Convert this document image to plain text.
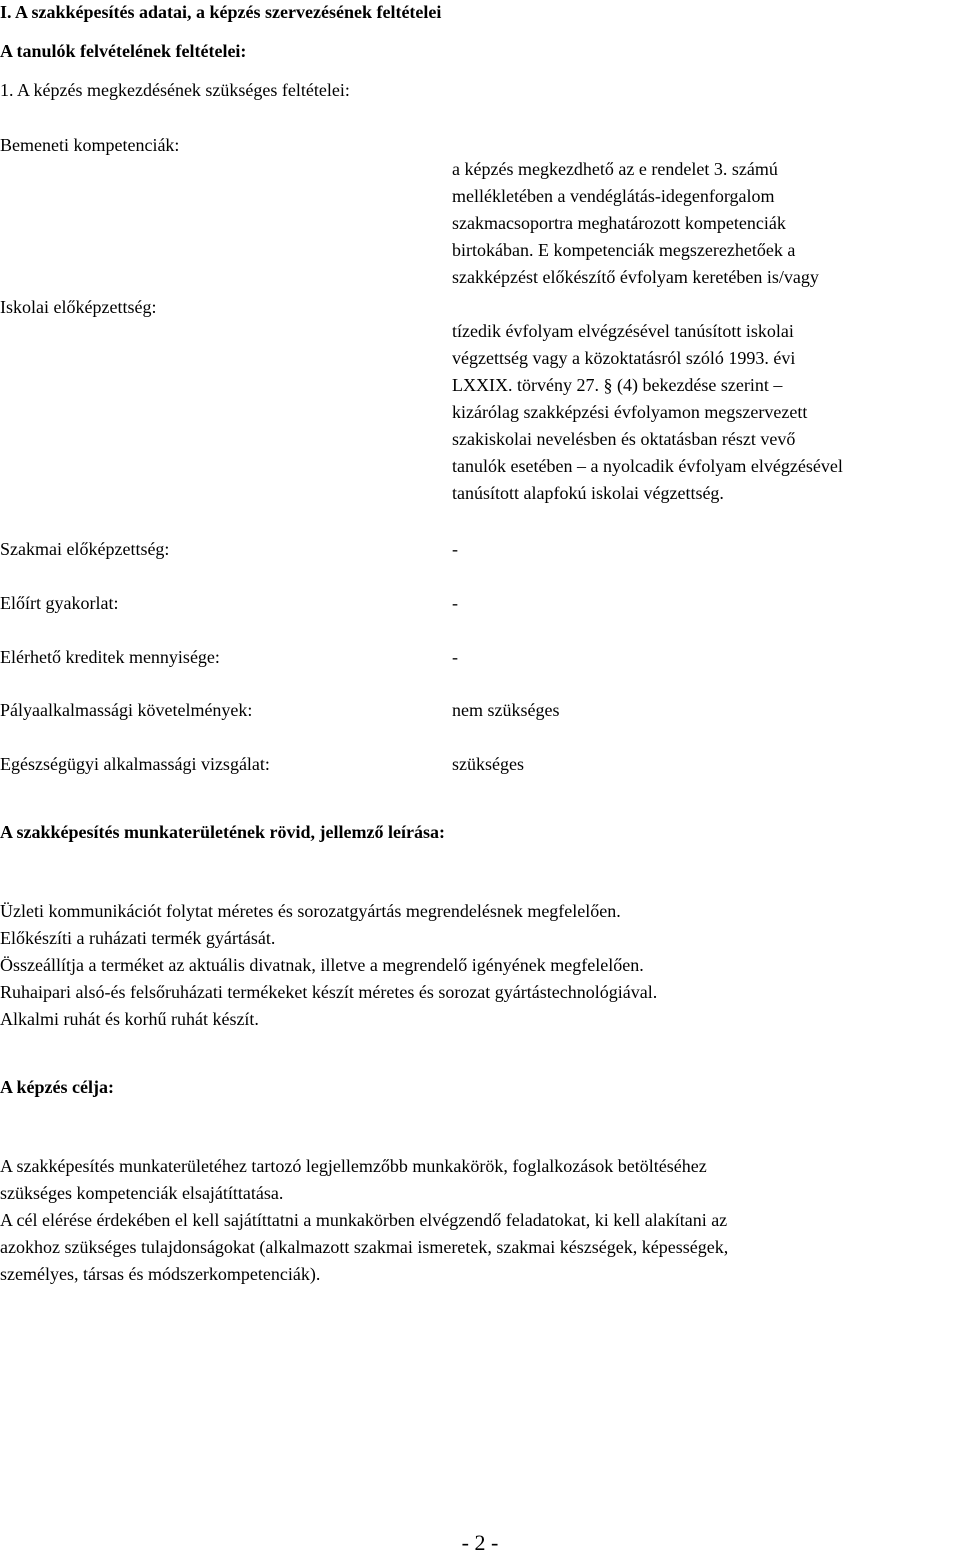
I. A szakképesítés adatai, a képzés szervezésének feltételei
A tanulók felvételének feltételei:
1. A képzés megkezdésének szükséges feltételei:
Bemeneti kompetenciák:
a képzés megkezdhető az e rendelet 3. számú
mellékletében a vendéglátás-idegenforgalom
szakmacsoportra meghatározott kompetenciák
birtokában. E kompetenciák megszerezhetőek a
szakképzést előkészítő évfolyam keretében is/vagy
Iskolai előképzettség:
tízedik évfolyam elvégzésével tanúsított iskolai
végzettség vagy a közoktatásról szóló 1993. évi
LXXIX. törvény 27. § (4) bekezdése szerint –
kizárólag szakképzési évfolyamon megszervezett
szakiskolai nevelésben és oktatásban részt vevő
tanulók esetében – a nyolcadik évfolyam elvégzésével
tanúsított alapfokú iskolai végzettség.
Szakmai előképzettség:	-
Előírt gyakorlat:	-
Elérhető kreditek mennyisége:	-
Pályaalkalmassági követelmények:	nem szükséges
Egészségügyi alkalmassági vizsgálat:	szükséges
A szakképesítés munkaterületének rövid, jellemző leírása:
Üzleti kommunikációt folytat méretes és sorozatgyártás megrendelésnek megfelelően.
Előkészíti a ruházati termék gyártását.
Összeállítja a terméket az aktuális divatnak, illetve a megrendelő igényének megfelelően.
Ruhaipari alsó-és felsőruházati termékeket készít méretes és sorozat gyártástechnológiával.
Alkalmi ruhát és korhű ruhát készít.
A képzés célja:
A szakképesítés munkaterületéhez tartozó legjellemzőbb munkakörök, foglalkozások betöltéséhez
szükséges kompetenciák elsajátíttatása.
A cél elérése érdekében el kell sajátíttatni a munkakörben elvégzendő feladatokat, ki kell alakítani az
azokhoz szükséges tulajdonságokat (alkalmazott szakmai ismeretek, szakmai készségek, képességek,
személyes, társas és módszerkompetenciák).
- 2 -
